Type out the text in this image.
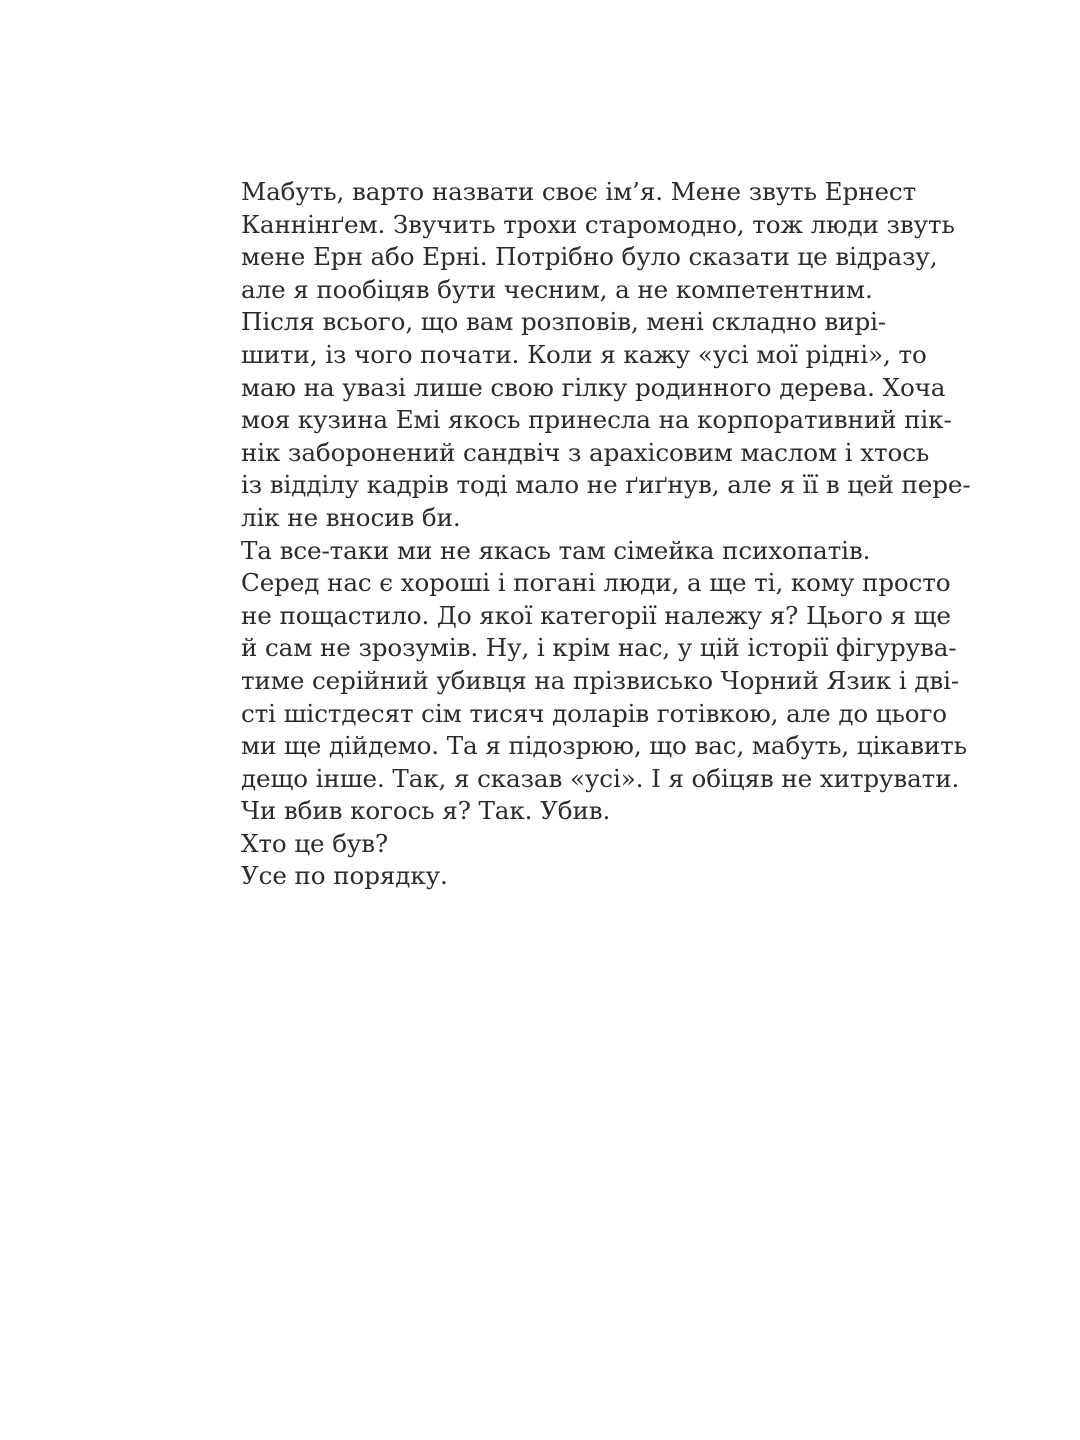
Мабуть, варто назвати своє ім’я. Мене звуть Ернест
Каннінґем. Звучить трохи старомодно, тож люди звуть
мене Ерн або Ерні. Потрібно було сказати це відразу,
але я пообіцяв бути чесним, а не компетентним.
Після всього, що вам розповів, мені складно вирі-
шити, із чого почати. Коли я кажу «усі мої рідні», то
маю на увазі лише свою гілку родинного дерева. Хоча
моя кузина Емі якось принесла на корпоративний пік-
нік заборонений сандвіч з арахісовим маслом і хтось
із відділу кадрів тоді мало не ґиґнув, але я її в цей пере-
лік не вносив би.
Та все-таки ми не якась там сімейка психопатів.
Серед нас є хороші і погані люди, а ще ті, кому просто
не пощастило. До якої категорії належу я? Цього я ще
й сам не зрозумів. Ну, і крім нас, у цій історії фігурува-
тиме серійний убивця на прізвисько Чорний Язик і дві-
сті шістдесят сім тисяч доларів готівкою, але до цього
ми ще дійдемо. Та я підозрюю, що вас, мабуть, цікавить
дещо інше. Так, я сказав «усі». І я обіцяв не хитрувати.
Чи вбив когось я? Так. Убив.
Хто це був?
Усе по порядку.
